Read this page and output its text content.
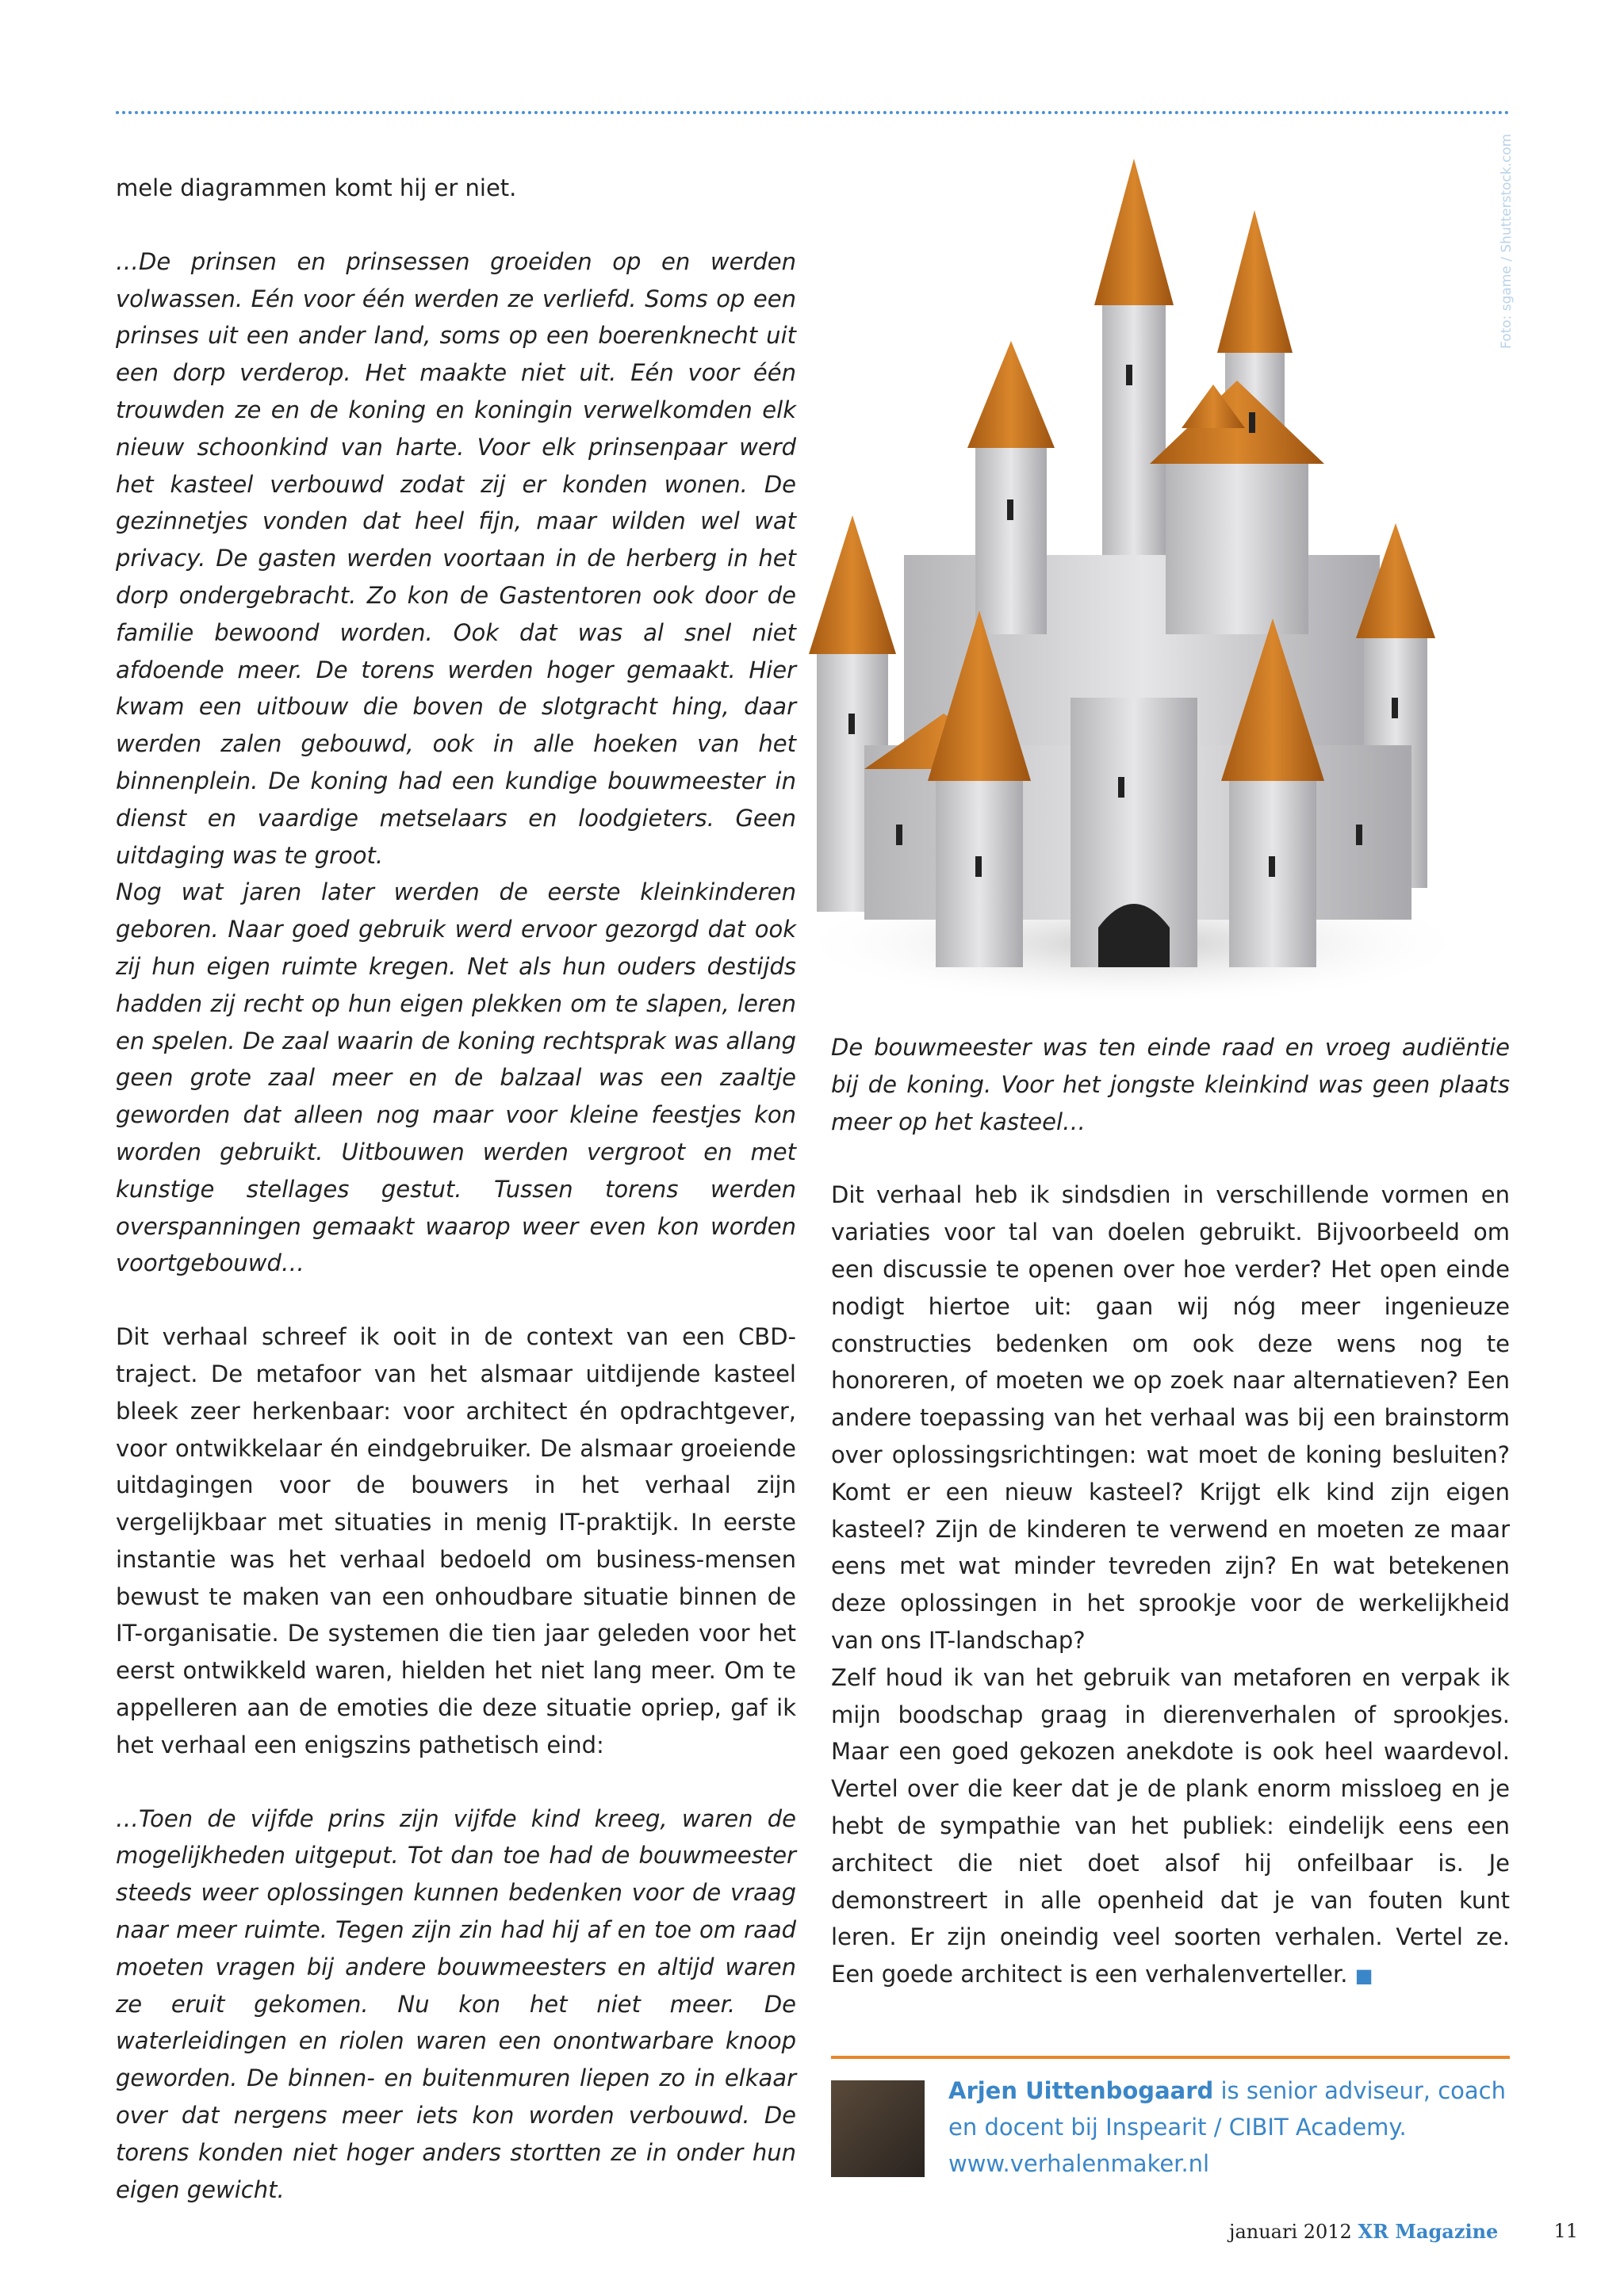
mele diagrammen komt hij er niet.

…De prinsen en prinsessen groeiden op en werden volwassen. Eén voor één werden ze verliefd. Soms op een prinses uit een ander land, soms op een boerenknecht uit een dorp verderop. Het maakte niet uit. Eén voor één trouwden ze en de koning en koningin verwelkomden elk nieuw schoonkind van harte. Voor elk prinsenpaar werd het kasteel verbouwd zodat zij er konden wonen. De gezinnetjes vonden dat heel fijn, maar wilden wel wat privacy. De gasten werden voortaan in de herberg in het dorp ondergebracht. Zo kon de Gastentoren ook door de familie bewoond worden. Ook dat was al snel niet afdoende meer. De torens werden hoger gemaakt. Hier kwam een uitbouw die boven de slotgracht hing, daar werden zalen gebouwd, ook in alle hoeken van het binnenplein. De koning had een kundige bouwmeester in dienst en vaardige metselaars en loodgieters. Geen uitdaging was te groot.

Nog wat jaren later werden de eerste kleinkinderen geboren. Naar goed gebruik werd ervoor gezorgd dat ook zij hun eigen ruimte kregen. Net als hun ouders destijds hadden zij recht op hun eigen plekken om te slapen, leren en spelen. De zaal waarin de koning rechtsprak was allang geen grote zaal meer en de balzaal was een zaaltje geworden dat alleen nog maar voor kleine feestjes kon worden gebruikt. Uitbouwen werden vergroot en met kunstige stellages gestut. Tussen torens werden overspanningen gemaakt waarop weer even kon worden voortgebouwd…

Dit verhaal schreef ik ooit in de context van een CBD-traject. De metafoor van het alsmaar uitdijende kasteel bleek zeer herkenbaar: voor architect én opdrachtgever, voor ontwikkelaar én eindgebruiker. De alsmaar groeiende uitdagingen voor de bouwers in het verhaal zijn vergelijkbaar met situaties in menig IT-praktijk. In eerste instantie was het verhaal bedoeld om business-mensen bewust te maken van een onhoudbare situatie binnen de IT-organisatie. De systemen die tien jaar geleden voor het eerst ontwikkeld waren, hielden het niet lang meer. Om te appelleren aan de emoties die deze situatie opriep, gaf ik het verhaal een enigszins pathetisch eind:

…Toen de vijfde prins zijn vijfde kind kreeg, waren de mogelijkheden uitgeput. Tot dan toe had de bouwmeester steeds weer oplossingen kunnen bedenken voor de vraag naar meer ruimte. Tegen zijn zin had hij af en toe om raad moeten vragen bij andere bouwmeesters en altijd waren ze eruit gekomen. Nu kon het niet meer. De waterleidingen en riolen waren een onontwarbare knoop geworden. De binnen- en buitenmuren liepen zo in elkaar over dat nergens meer iets kon worden verbouwd. De torens konden niet hoger anders stortten ze in onder hun eigen gewicht.

Foto: sgame / Shutterstock.com

De bouwmeester was ten einde raad en vroeg audiëntie bij de koning. Voor het jongste kleinkind was geen plaats meer op het kasteel…

Dit verhaal heb ik sindsdien in verschillende vormen en variaties voor tal van doelen gebruikt. Bijvoorbeeld om een discussie te openen over hoe verder? Het open einde nodigt hiertoe uit: gaan wij nóg meer ingenieuze constructies bedenken om ook deze wens nog te honoreren, of moeten we op zoek naar alternatieven? Een andere toepassing van het verhaal was bij een brainstorm over oplossingsrichtingen: wat moet de koning besluiten? Komt er een nieuw kasteel? Krijgt elk kind zijn eigen kasteel? Zijn de kinderen te verwend en moeten ze maar eens met wat minder tevreden zijn? En wat betekenen deze oplossingen in het sprookje voor de werkelijkheid van ons IT-landschap?

Zelf houd ik van het gebruik van metaforen en verpak ik mijn boodschap graag in dierenverhalen of sprookjes. Maar een goed gekozen anekdote is ook heel waardevol. Vertel over die keer dat je de plank enorm missloeg en je hebt de sympathie van het publiek: eindelijk eens een architect die niet doet alsof hij onfeilbaar is. Je demonstreert in alle openheid dat je van fouten kunt leren. Er zijn oneindig veel soorten verhalen. Vertel ze. Een goede architect is een verhalenverteller. ■

Arjen Uittenbogaard is senior adviseur, coach en docent bij Inspearit / CIBIT Academy.
www.verhalenmaker.nl
januari 2012 XR Magazine	11
